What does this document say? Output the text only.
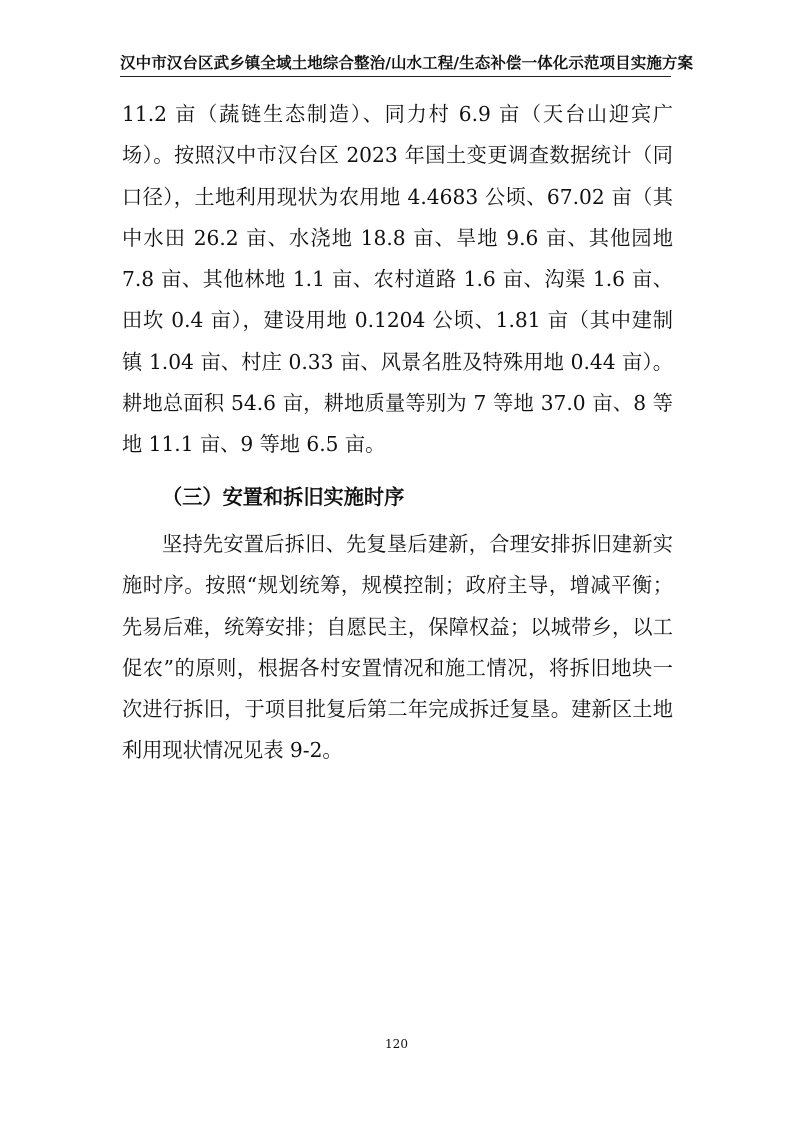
汉中市汉台区武乡镇全域土地综合整治/山水工程/生态补偿一体化示范项目实施方案
11.2 亩（蔬链生态制造）、同力村 6.9 亩（天台山迎宾广场）。按照汉中市汉台区 2023 年国土变更调查数据统计（同口径），土地利用现状为农用地 4.4683 公顷、67.02 亩（其中水田 26.2 亩、水浇地 18.8 亩、旱地 9.6 亩、其他园地 7.8 亩、其他林地 1.1 亩、农村道路 1.6 亩、沟渠 1.6 亩、田坎 0.4 亩），建设用地 0.1204 公顷、1.81 亩（其中建制镇 1.04 亩、村庄 0.33 亩、风景名胜及特殊用地 0.44 亩）。耕地总面积 54.6 亩，耕地质量等别为 7 等地 37.0 亩、8 等地 11.1 亩、9 等地 6.5 亩。
（三）安置和拆旧实施时序
坚持先安置后拆旧、先复垦后建新，合理安排拆旧建新实施时序。按照“规划统筹，规模控制；政府主导，增减平衡；先易后难，统筹安排；自愿民主，保障权益；以城带乡，以工促农”的原则，根据各村安置情况和施工情况，将拆旧地块一次进行拆旧，于项目批复后第二年完成拆迁复垦。建新区土地利用现状情况见表 9-2。
120
